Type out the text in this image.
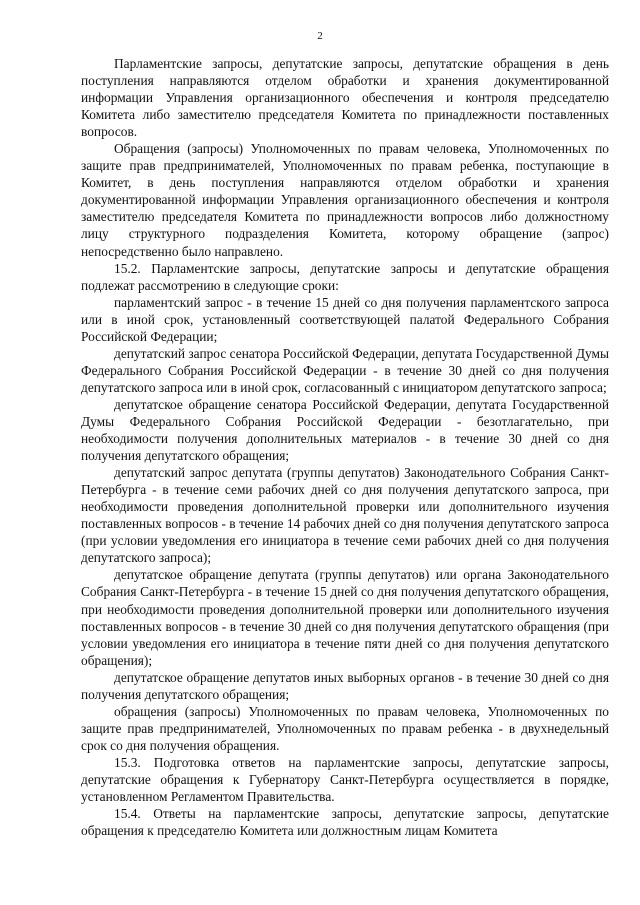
2

Парламентские запросы, депутатские запросы, депутатские обращения в день поступления направляются отделом обработки и хранения документированной информации Управления организационного обеспечения и контроля председателю Комитета либо заместителю председателя Комитета по принадлежности поставленных вопросов.

Обращения (запросы) Уполномоченных по правам человека, Уполномоченных по защите прав предпринимателей, Уполномоченных по правам ребенка, поступающие в Комитет, в день поступления направляются отделом обработки и хранения документированной информации Управления организационного обеспечения и контроля заместителю председателя Комитета по принадлежности вопросов либо должностному лицу структурного подразделения Комитета, которому обращение (запрос) непосредственно было направлено.

15.2. Парламентские запросы, депутатские запросы и депутатские обращения подлежат рассмотрению в следующие сроки:

парламентский запрос - в течение 15 дней со дня получения парламентского запроса или в иной срок, установленный соответствующей палатой Федерального Собрания Российской Федерации;

депутатский запрос сенатора Российской Федерации, депутата Государственной Думы Федерального Собрания Российской Федерации - в течение 30 дней со дня получения депутатского запроса или в иной срок, согласованный с инициатором депутатского запроса;

депутатское обращение сенатора Российской Федерации, депутата Государственной Думы Федерального Собрания Российской Федерации - безотлагательно, при необходимости получения дополнительных материалов - в течение 30 дней со дня получения депутатского обращения;

депутатский запрос депутата (группы депутатов) Законодательного Собрания Санкт-Петербурга - в течение семи рабочих дней со дня получения депутатского запроса, при необходимости проведения дополнительной проверки или дополнительного изучения поставленных вопросов - в течение 14 рабочих дней со дня получения депутатского запроса (при условии уведомления его инициатора в течение семи рабочих дней со дня получения депутатского запроса);

депутатское обращение депутата (группы депутатов) или органа Законодательного Собрания Санкт-Петербурга - в течение 15 дней со дня получения депутатского обращения, при необходимости проведения дополнительной проверки или дополнительного изучения поставленных вопросов - в течение 30 дней со дня получения депутатского обращения (при условии уведомления его инициатора в течение пяти дней со дня получения депутатского обращения);

депутатское обращение депутатов иных выборных органов - в течение 30 дней со дня получения депутатского обращения;

обращения (запросы) Уполномоченных по правам человека, Уполномоченных по защите прав предпринимателей, Уполномоченных по правам ребенка - в двухнедельный срок со дня получения обращения.

15.3. Подготовка ответов на парламентские запросы, депутатские запросы, депутатские обращения к Губернатору Санкт-Петербурга осуществляется в порядке, установленном Регламентом Правительства.

15.4. Ответы на парламентские запросы, депутатские запросы, депутатские обращения к председателю Комитета или должностным лицам Комитета
